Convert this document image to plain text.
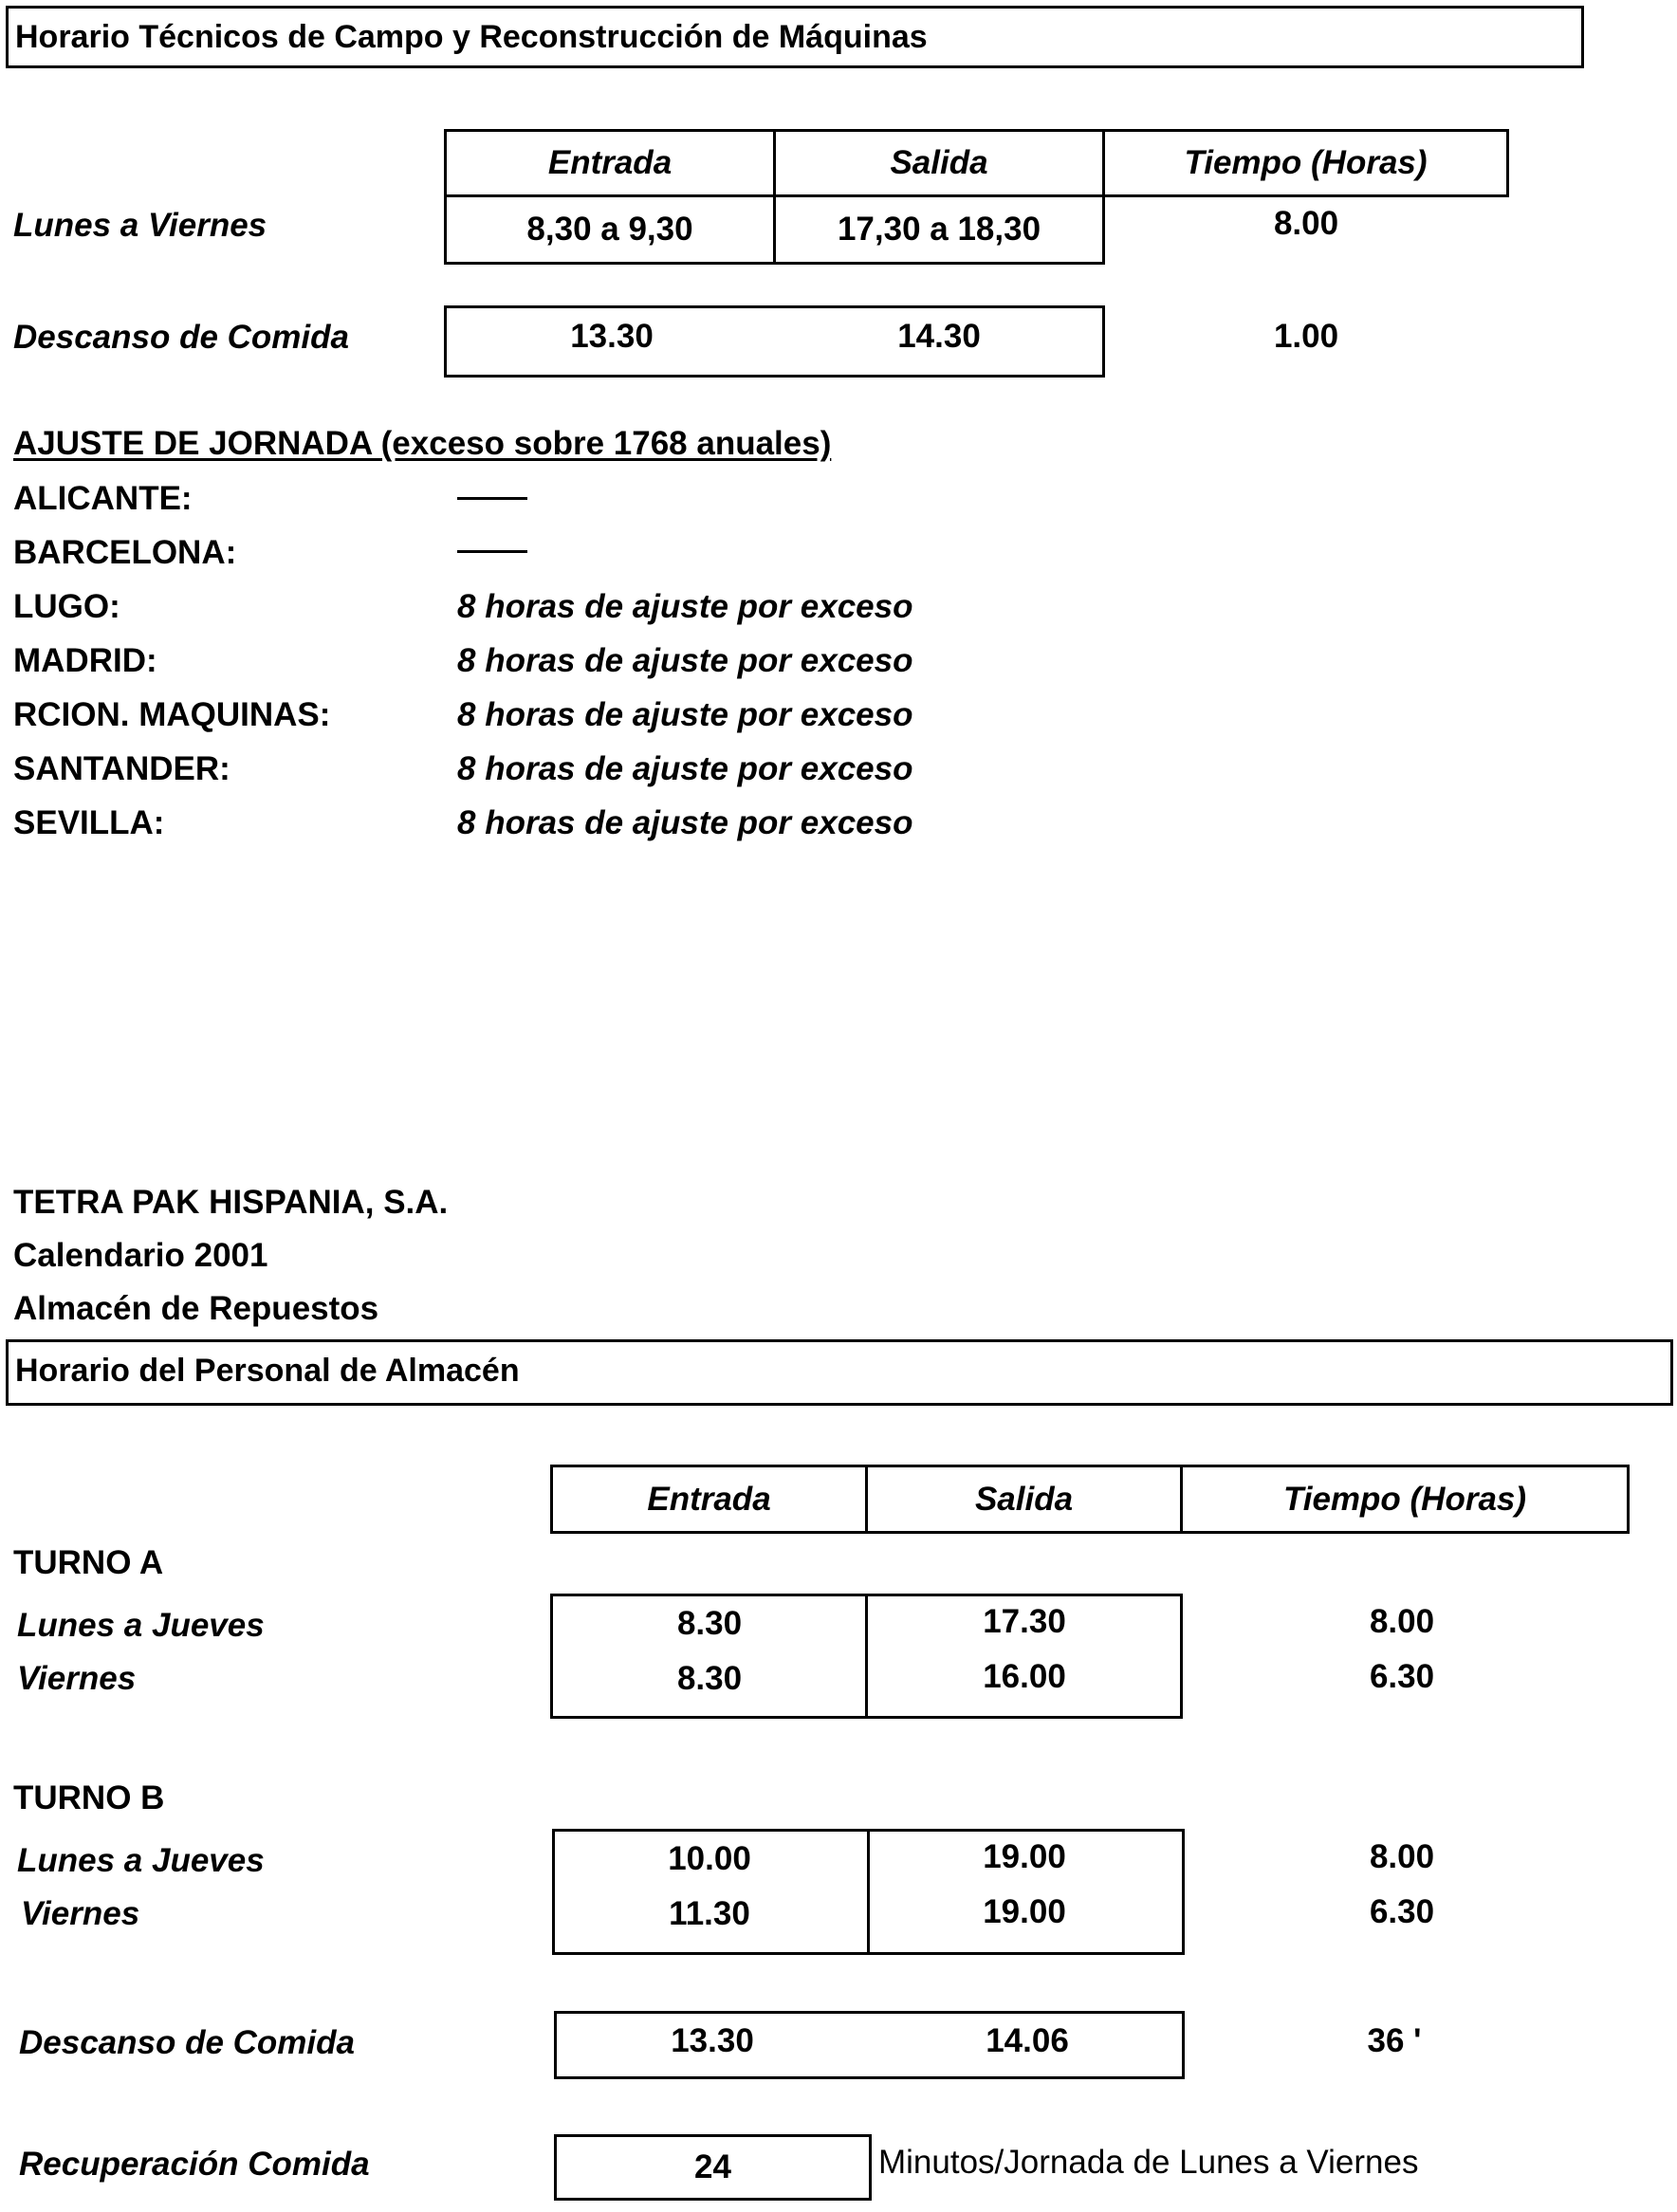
Horario Técnicos de Campo y Reconstrucción de Máquinas
Entrada	Salida	Tiempo (Horas)
Lunes a Viernes	8,30 a 9,30	17,30 a 18,30	8.00
Descanso de Comida	13.30	14.30	1.00
AJUSTE DE JORNADA (exceso sobre 1768 anuales)
ALICANTE:
BARCELONA:
LUGO:	8 horas de ajuste por exceso
MADRID:	8 horas de ajuste por exceso
RCION. MAQUINAS:	8 horas de ajuste por exceso
SANTANDER:	8 horas de ajuste por exceso
SEVILLA:	8 horas de ajuste por exceso
TETRA PAK HISPANIA, S.A.
Calendario 2001
Almacén de Repuestos
Horario del Personal de Almacén
Entrada	Salida	Tiempo (Horas)
TURNO A
Lunes a Jueves	8.30	17.30	8.00
Viernes	8.30	16.00	6.30
TURNO B
Lunes a Jueves	10.00	19.00	8.00
Viernes	11.30	19.00	6.30
Descanso de Comida	13.30	14.06	36 '
Recuperación Comida	24	Minutos/Jornada de Lunes a Viernes
